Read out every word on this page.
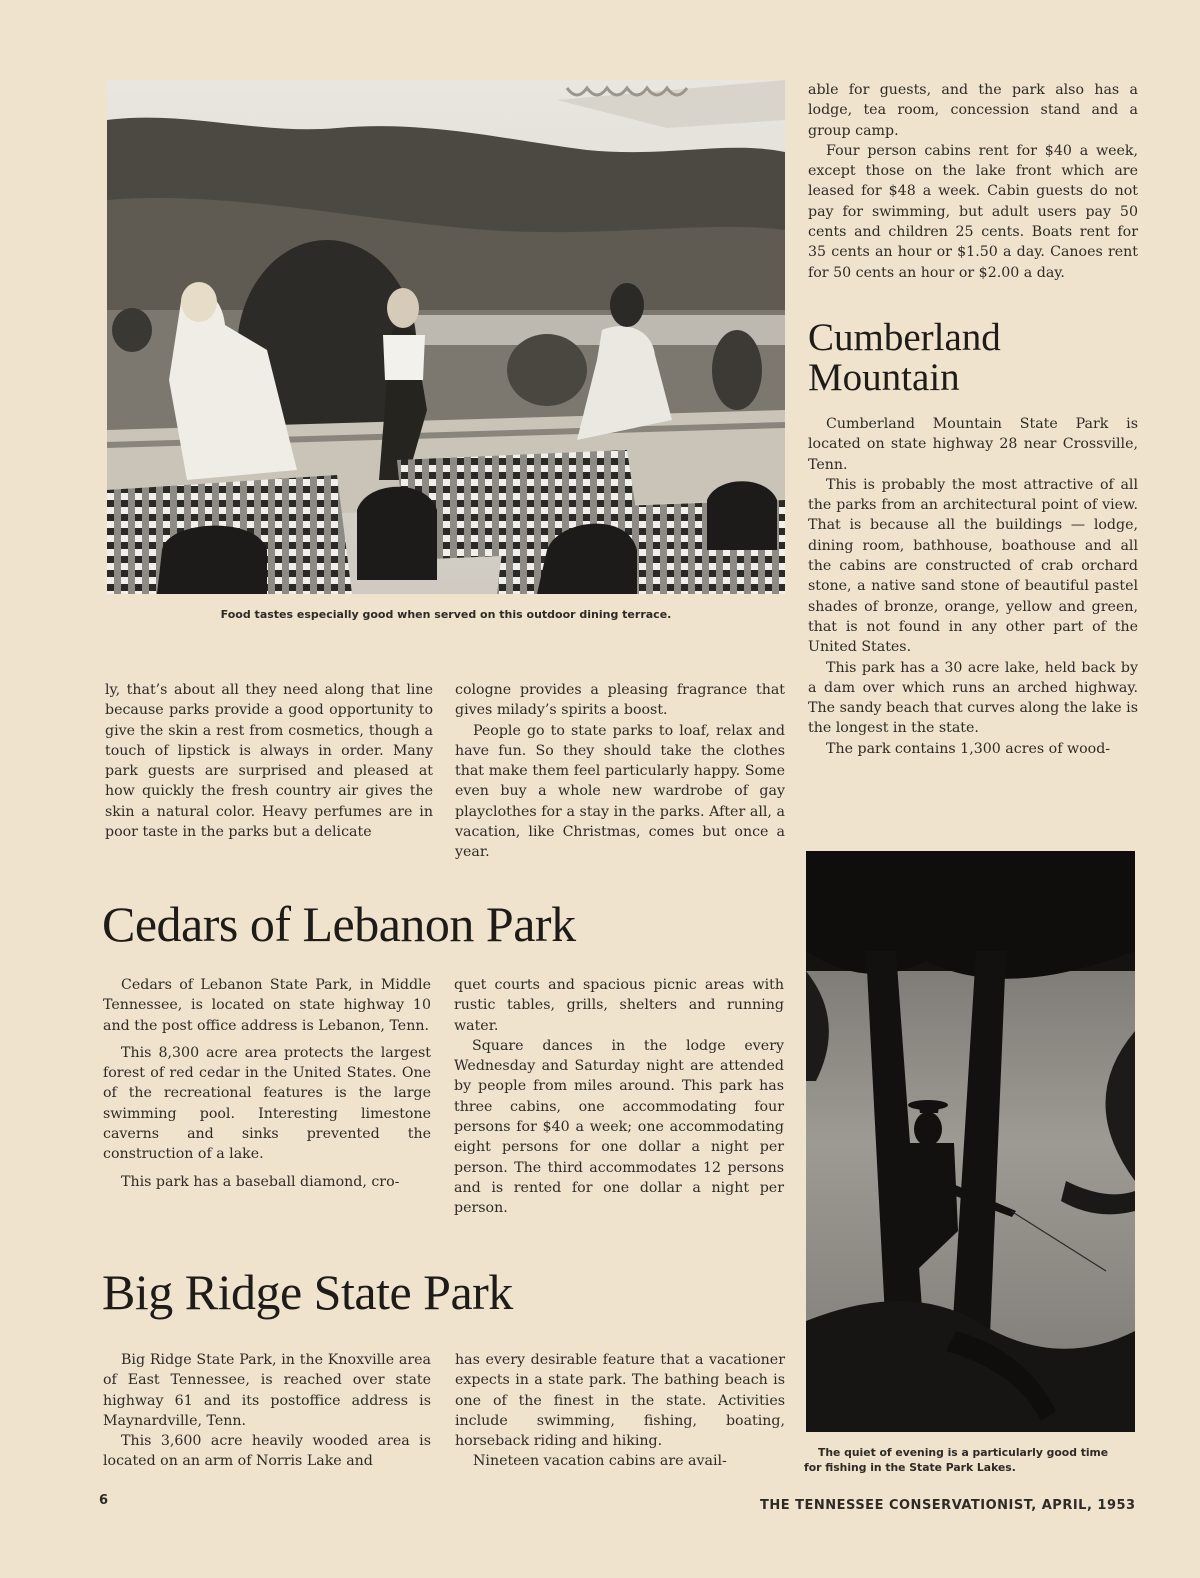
Food tastes especially good when served on this outdoor dining terrace.

ly, that’s about all they need along that line because parks provide a good opportunity to give the skin a rest from cosmetics, though a touch of lipstick is always in order. Many park guests are surprised and pleased at how quickly the fresh country air gives the skin a natural color. Heavy perfumes are in poor taste in the parks but a delicate

cologne provides a pleasing fragrance that gives milady’s spirits a boost.

People go to state parks to loaf, relax and have fun. So they should take the clothes that make them feel particularly happy. Some even buy a whole new wardrobe of gay playclothes for a stay in the parks. After all, a vacation, like Christmas, comes but once a year.

able for guests, and the park also has a lodge, tea room, concession stand and a group camp.

Four person cabins rent for $40 a week, except those on the lake front which are leased for $48 a week. Cabin guests do not pay for swimming, but adult users pay 50 cents and children 25 cents. Boats rent for 35 cents an hour or $1.50 a day. Canoes rent for 50 cents an hour or $2.00 a day.

Cumberland
Mountain

Cumberland Mountain State Park is located on state highway 28 near Crossville, Tenn.

This is probably the most attractive of all the parks from an architectural point of view. That is because all the buildings — lodge, dining room, bathhouse, boathouse and all the cabins are constructed of crab orchard stone, a native sand stone of beautiful pastel shades of bronze, orange, yellow and green, that is not found in any other part of the United States.

This park has a 30 acre lake, held back by a dam over which runs an arched highway. The sandy beach that curves along the lake is the longest in the state.

The park contains 1,300 acres of wood-

The quiet of evening is a particularly good time
for fishing in the State Park Lakes.
Cedars of Lebanon Park

Cedars of Lebanon State Park, in Middle Tennessee, is located on state highway 10 and the post office address is Lebanon, Tenn.

This 8,300 acre area protects the largest forest of red cedar in the United States. One of the recreational features is the large swimming pool. Interesting limestone caverns and sinks prevented the construction of a lake.

This park has a baseball diamond, cro-

quet courts and spacious picnic areas with rustic tables, grills, shelters and running water.

Square dances in the lodge every Wednesday and Saturday night are attended by people from miles around. This park has three cabins, one accommodating four persons for $40 a week; one accommodating eight persons for one dollar a night per person. The third accommodates 12 persons and is rented for one dollar a night per person.

Big Ridge State Park

Big Ridge State Park, in the Knoxville area of East Tennessee, is reached over state highway 61 and its postoffice address is Maynardville, Tenn.

This 3,600 acre heavily wooded area is located on an arm of Norris Lake and

has every desirable feature that a vacationer expects in a state park. The bathing beach is one of the finest in the state. Activities include swimming, fishing, boating, horseback riding and hiking.

Nineteen vacation cabins are avail-

6	THE TENNESSEE CONSERVATIONIST, APRIL, 1953
